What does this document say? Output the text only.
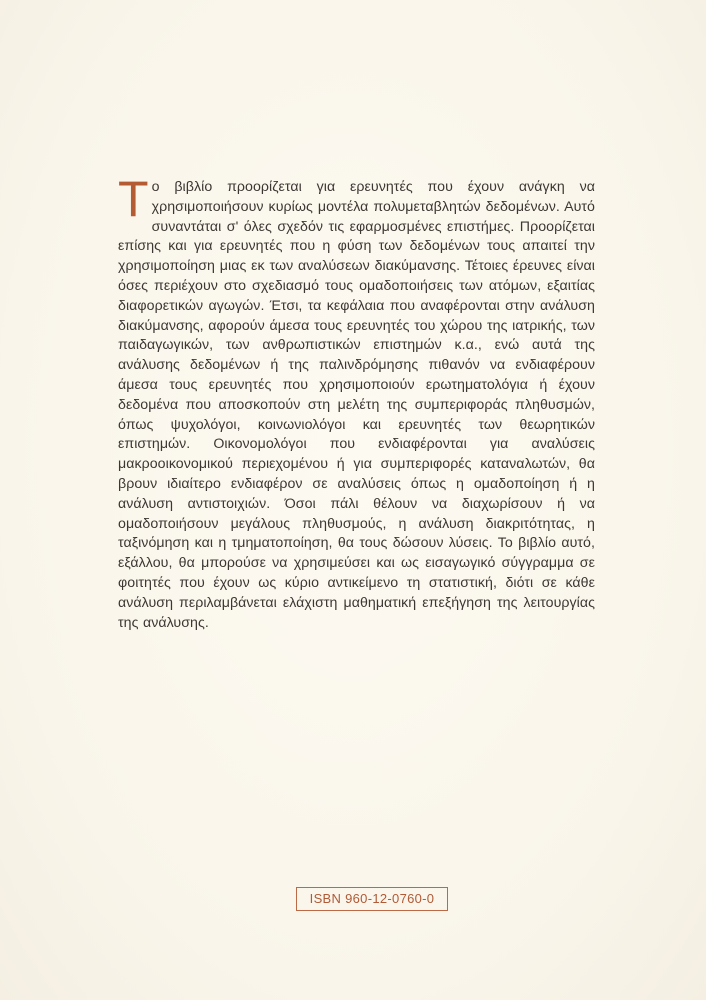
Το βιβλίο προορίζεται για ερευνητές που έχουν ανάγκη να χρησιμοποιήσουν κυρίως μοντέλα πολυμεταβλητών δεδομένων. Αυτό συναντάται σ' όλες σχεδόν τις εφαρμοσμένες επιστήμες. Προορίζεται επίσης και για ερευνητές που η φύση των δεδομένων τους απαιτεί την χρησιμοποίηση μιας εκ των αναλύσεων διακύμανσης. Τέτοιες έρευνες είναι όσες περιέχουν στο σχεδιασμό τους ομαδοποιήσεις των ατόμων, εξαιτίας διαφορετικών αγωγών. Έτσι, τα κεφάλαια που αναφέρονται στην ανάλυση διακύμανσης, αφορούν άμεσα τους ερευνητές του χώρου της ιατρικής, των παιδαγωγικών, των ανθρωπιστικών επιστημών κ.α., ενώ αυτά της ανάλυσης δεδομένων ή της παλινδρόμησης πιθανόν να ενδιαφέρουν άμεσα τους ερευνητές που χρησιμοποιούν ερωτηματολόγια ή έχουν δεδομένα που αποσκοπούν στη μελέτη της συμπεριφοράς πληθυσμών, όπως ψυχολόγοι, κοινωνιολόγοι και ερευνητές των θεωρητικών επιστημών. Οικονομολόγοι που ενδιαφέρονται για αναλύσεις μακροοικονομικού περιεχομένου ή για συμπεριφορές καταναλωτών, θα βρουν ιδιαίτερο ενδιαφέρον σε αναλύσεις όπως η ομαδοποίηση ή η ανάλυση αντιστοιχιών. Όσοι πάλι θέλουν να διαχωρίσουν ή να ομαδοποιήσουν μεγάλους πληθυσμούς, η ανάλυση διακριτότητας, η ταξινόμηση και η τμηματοποίηση, θα τους δώσουν λύσεις. Το βιβλίο αυτό, εξάλλου, θα μπορούσε να χρησιμεύσει και ως εισαγωγικό σύγγραμμα σε φοιτητές που έχουν ως κύριο αντικείμενο τη στατιστική, διότι σε κάθε ανάλυση περιλαμβάνεται ελάχιστη μαθηματική επεξήγηση της λειτουργίας της ανάλυσης.
ISBN 960-12-0760-0
